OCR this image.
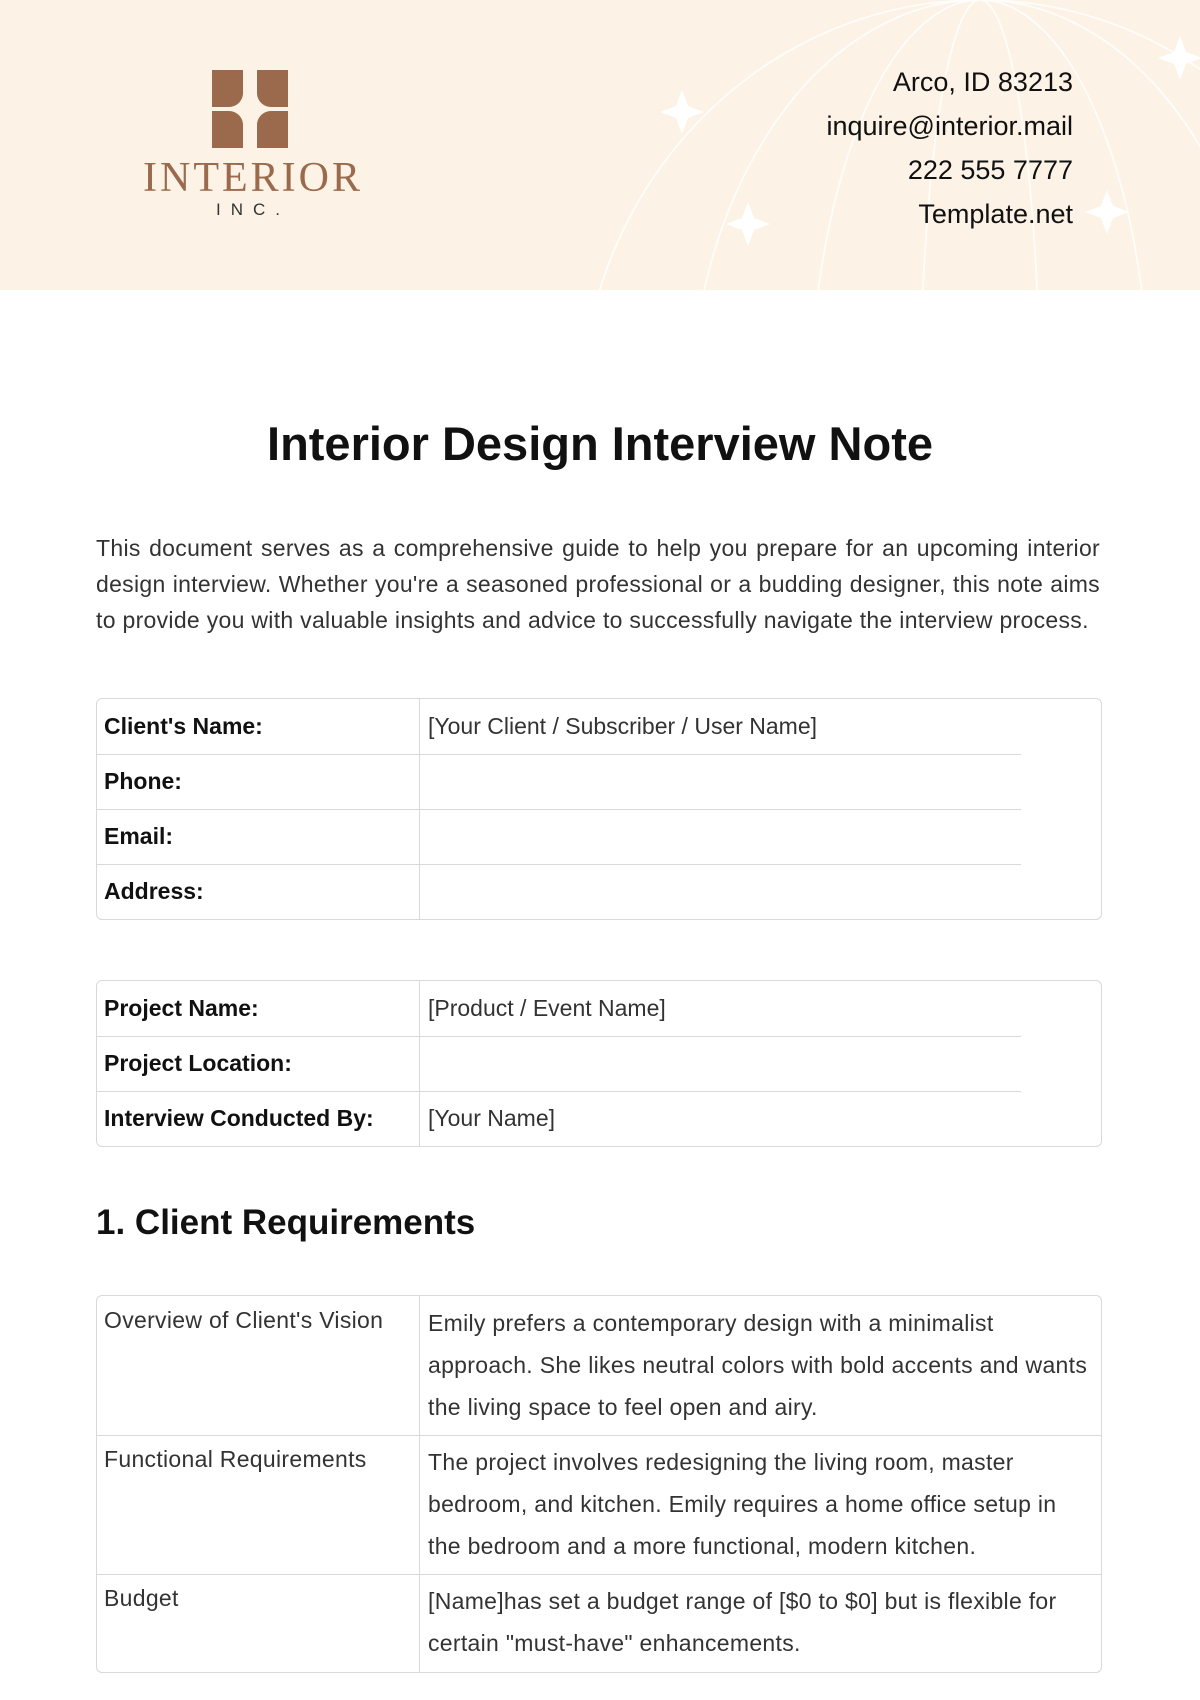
INTERIOR
INC.
Arco, ID 83213
inquire@interior.mail
222 555 7777
Template.net
Interior Design Interview Note

This document serves as a comprehensive guide to help you prepare for an upcoming interior design interview. Whether you're a seasoned professional or a budding designer, this note aims to provide you with valuable insights and advice to successfully navigate the interview process.

Client's Name:	[Your Client / Subscriber / User Name]
Phone:
Email:
Address:
Project Name:	[Product / Event Name]
Project Location:
Interview Conducted By:	[Your Name]
1. Client Requirements
Overview of Client's Vision	Emily prefers a contemporary design with a minimalist approach. She likes neutral colors with bold accents and wants the living space to feel open and airy.
Functional Requirements	The project involves redesigning the living room, master bedroom, and kitchen. Emily requires a home office setup in the bedroom and a more functional, modern kitchen.
Budget	[Name]has set a budget range of [$0 to $0] but is flexible for certain "must-have" enhancements.
